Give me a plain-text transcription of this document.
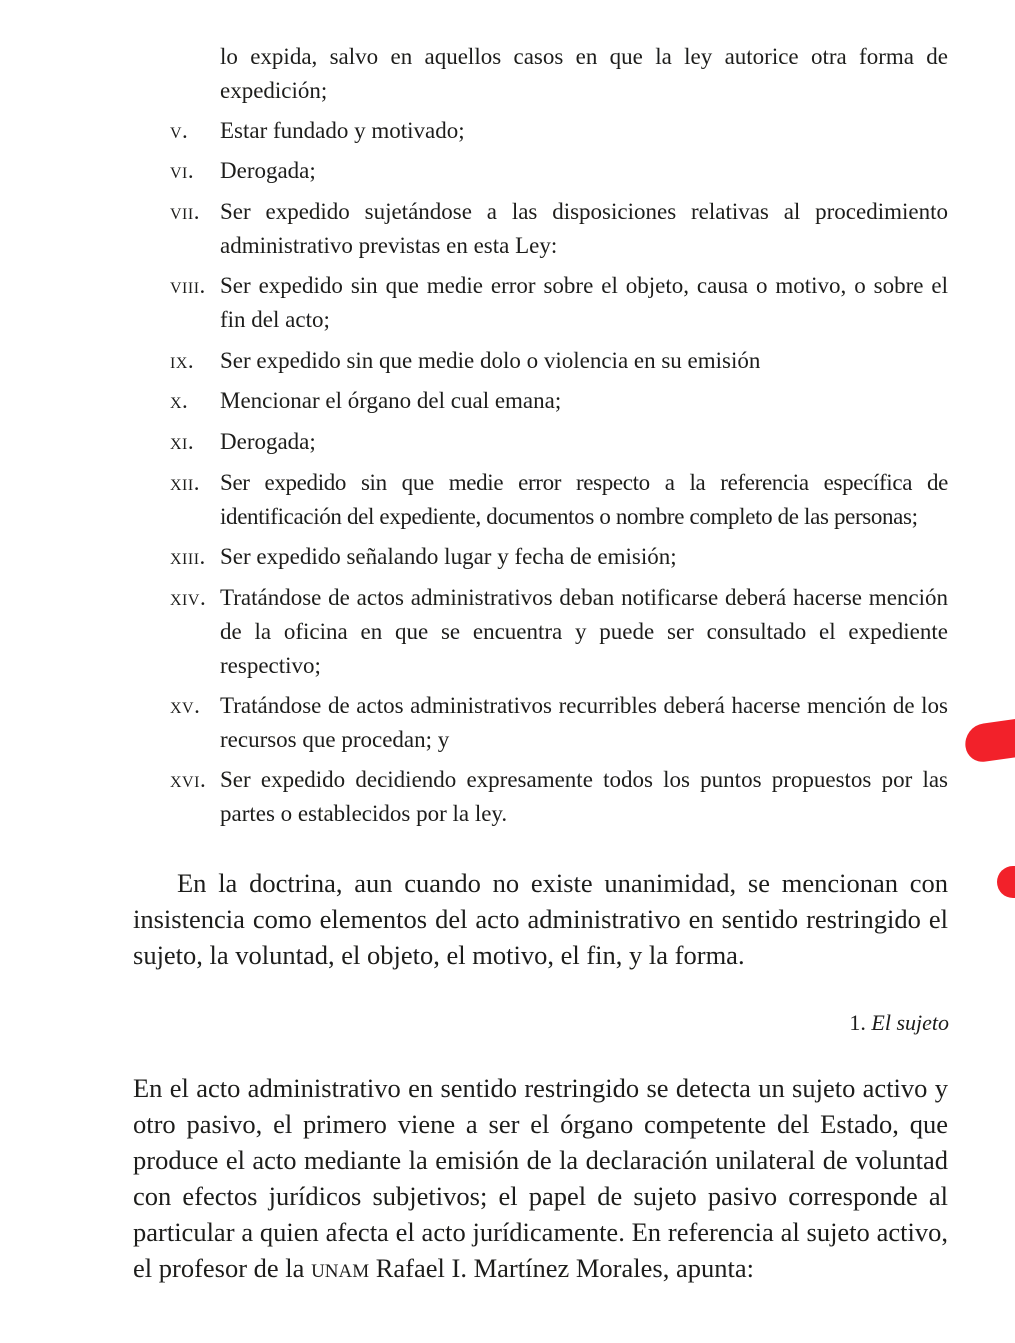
lo expida, salvo en aquellos casos en que la ley autorice otra forma de expedición;

v.	Estar fundado y motivado;
vi.	Derogada;
vii. Ser expedido sujetándose a las disposiciones relativas al procedimiento administrativo previstas en esta Ley:
viii. Ser expedido sin que medie error sobre el objeto, causa o motivo, o sobre el fin del acto;
ix.	Ser expedido sin que medie dolo o violencia en su emisión
x.	Mencionar el órgano del cual emana;
xi.	Derogada;
xii. Ser expedido sin que medie error respecto a la referencia específica de identificación del expediente, documentos o nombre completo de las personas;
xiii. Ser expedido señalando lugar y fecha de emisión;
xiv. Tratándose de actos administrativos deban notificarse deberá hacerse mención de la oficina en que se encuentra y puede ser consultado el expediente respectivo;
xv. Tratándose de actos administrativos recurribles deberá hacerse mención de los recursos que procedan; y
xvi. Ser expedido decidiendo expresamente todos los puntos propuestos por las partes o establecidos por la ley.

En la doctrina, aun cuando no existe unanimidad, se mencionan con insistencia como elementos del acto administrativo en sentido restringido el sujeto, la voluntad, el objeto, el motivo, el fin, y la forma.

1. El sujeto

En el acto administrativo en sentido restringido se detecta un sujeto activo y otro pasivo, el primero viene a ser el órgano competente del Estado, que produce el acto mediante la emisión de la declaración unilateral de voluntad con efectos jurídicos subjetivos; el papel de sujeto pasivo corresponde al particular a quien afecta el acto jurídicamente. En referencia al sujeto activo, el profesor de la unam Rafael I. Martínez Morales, apunta:
